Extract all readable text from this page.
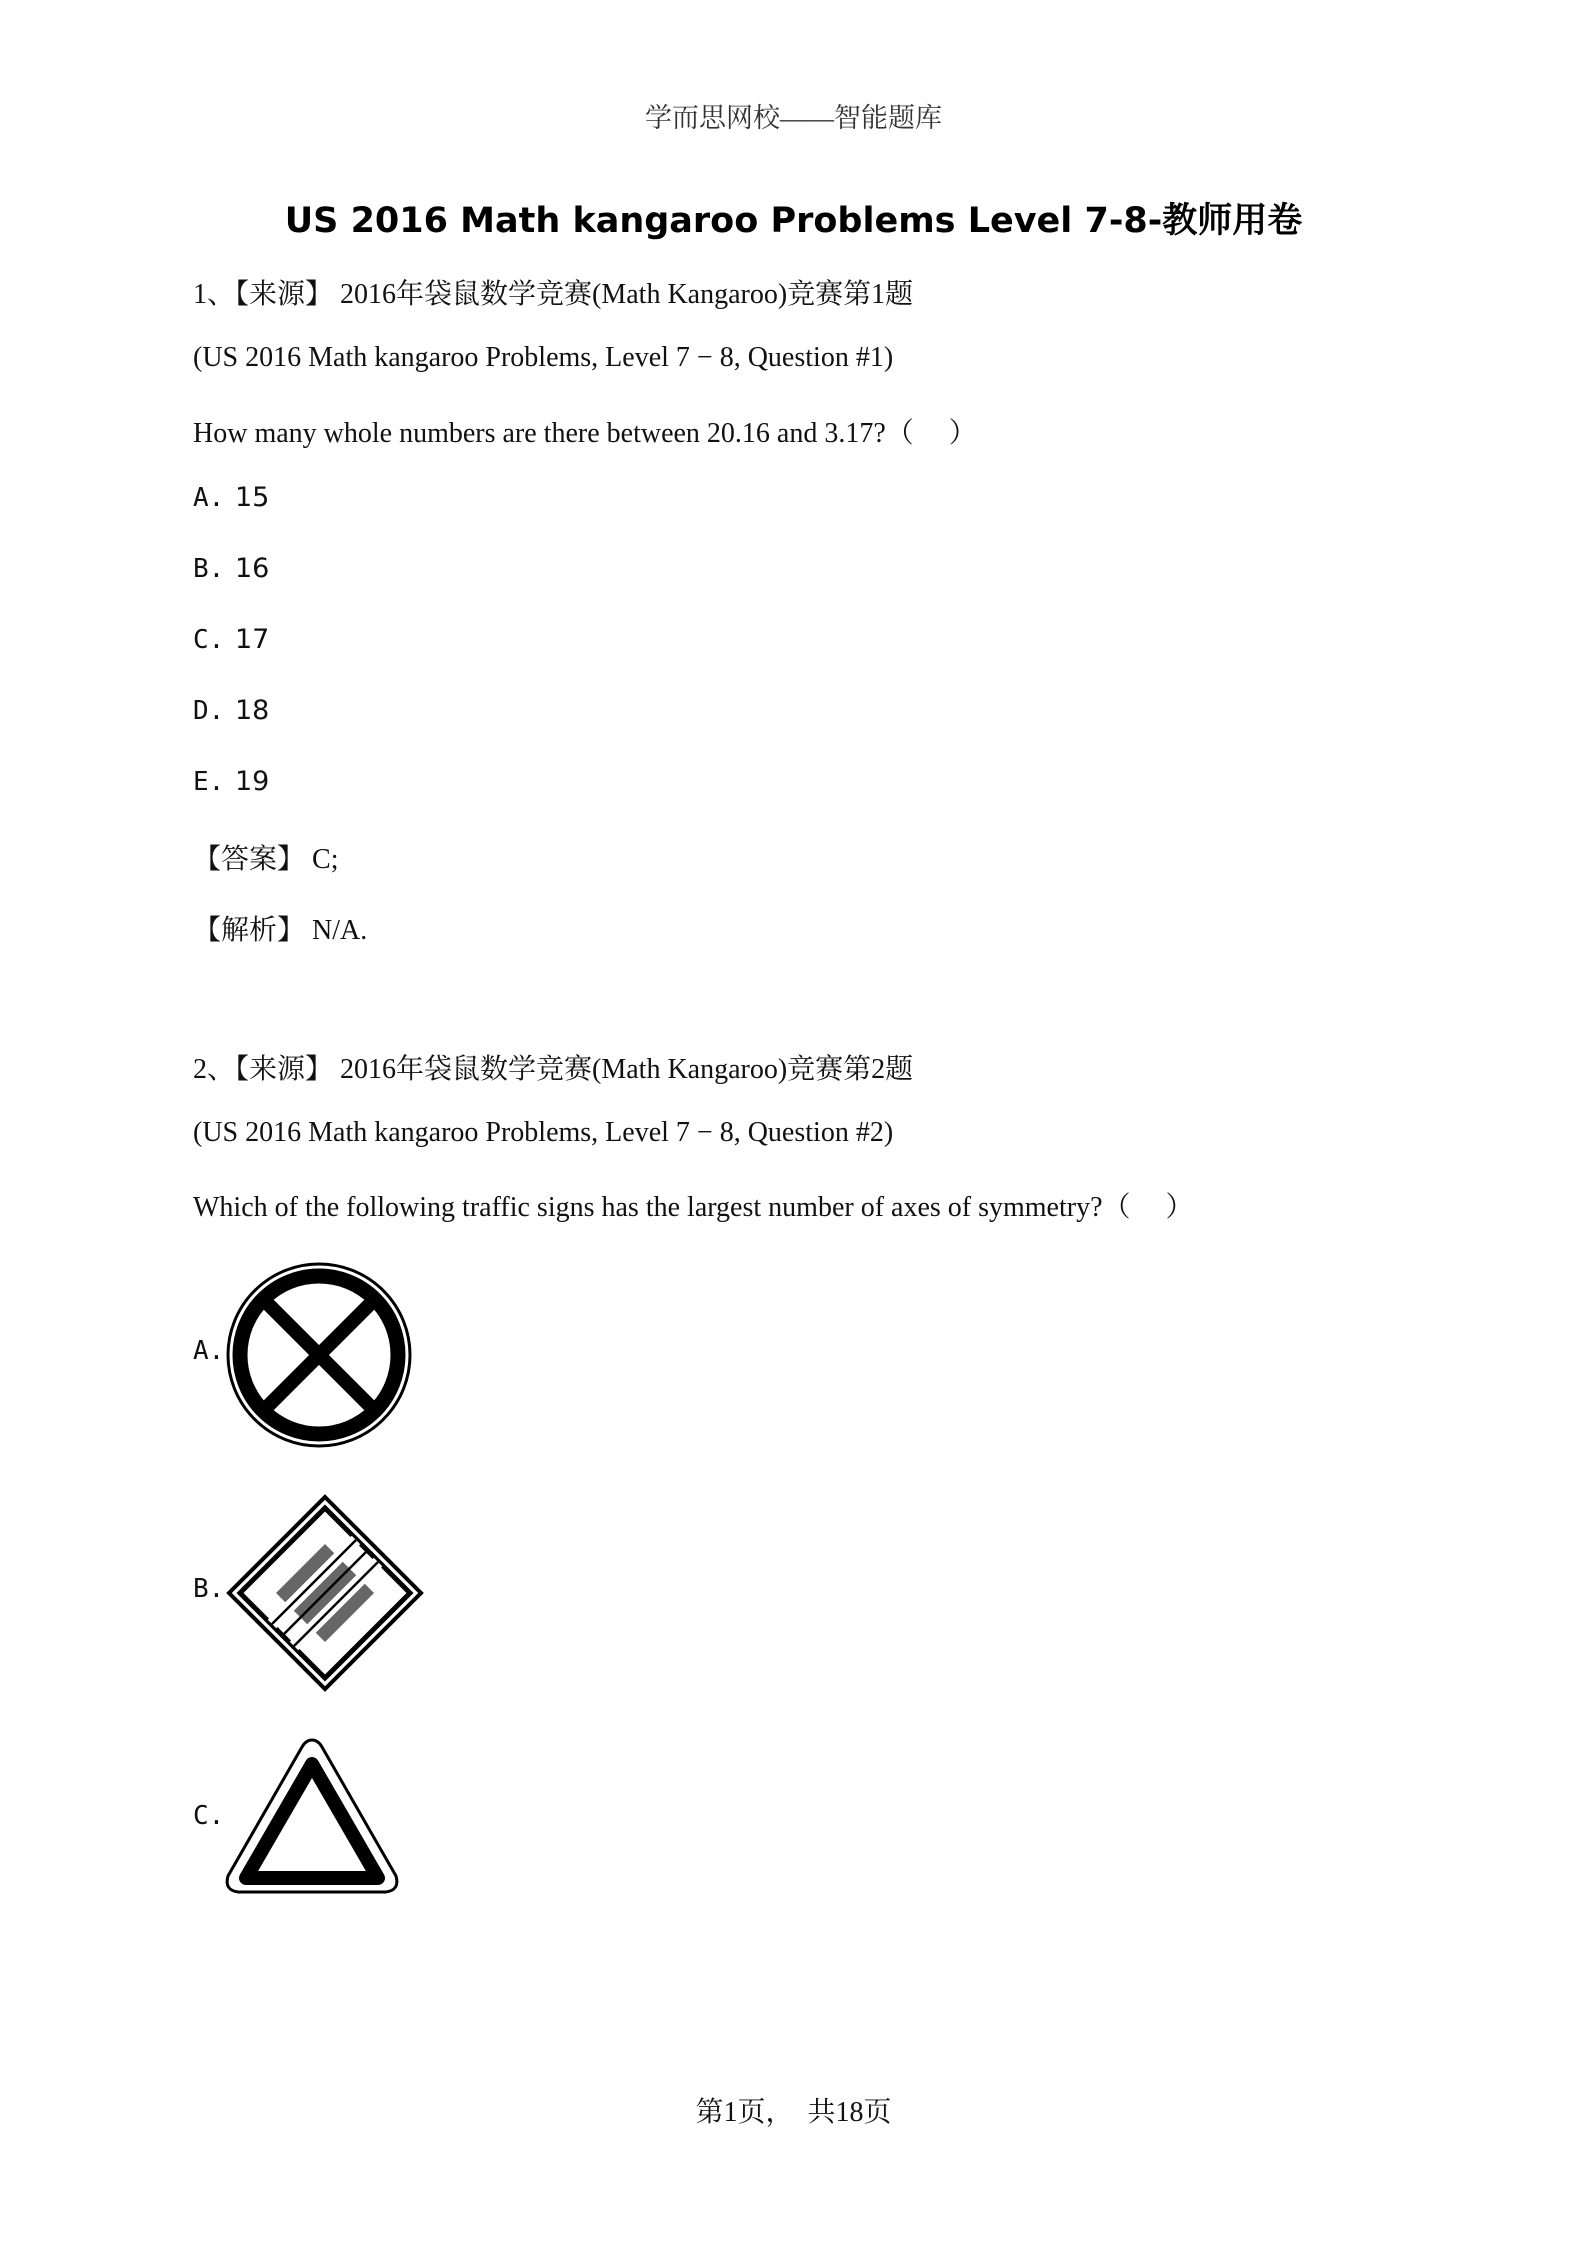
学而思网校——智能题库
US 2016 Math kangaroo Problems Level 7-8-教师用卷
1、【来源】 2016年袋鼠数学竞赛(Math Kangaroo)竞赛第1题
(US 2016 Math kangaroo Problems, Level 7 − 8, Question #1)
How many whole numbers are there between 20.16 and 3.17?（　 ）
A. 15
B. 16
C. 17
D. 18
E. 19
【答案】 C;
【解析】 N/A.
2、【来源】 2016年袋鼠数学竞赛(Math Kangaroo)竞赛第2题
(US 2016 Math kangaroo Problems, Level 7 − 8, Question #2)
Which of the following traffic signs has the largest number of axes of symmetry?（　 ）
A.
B.
C.
第1页，　共18页
